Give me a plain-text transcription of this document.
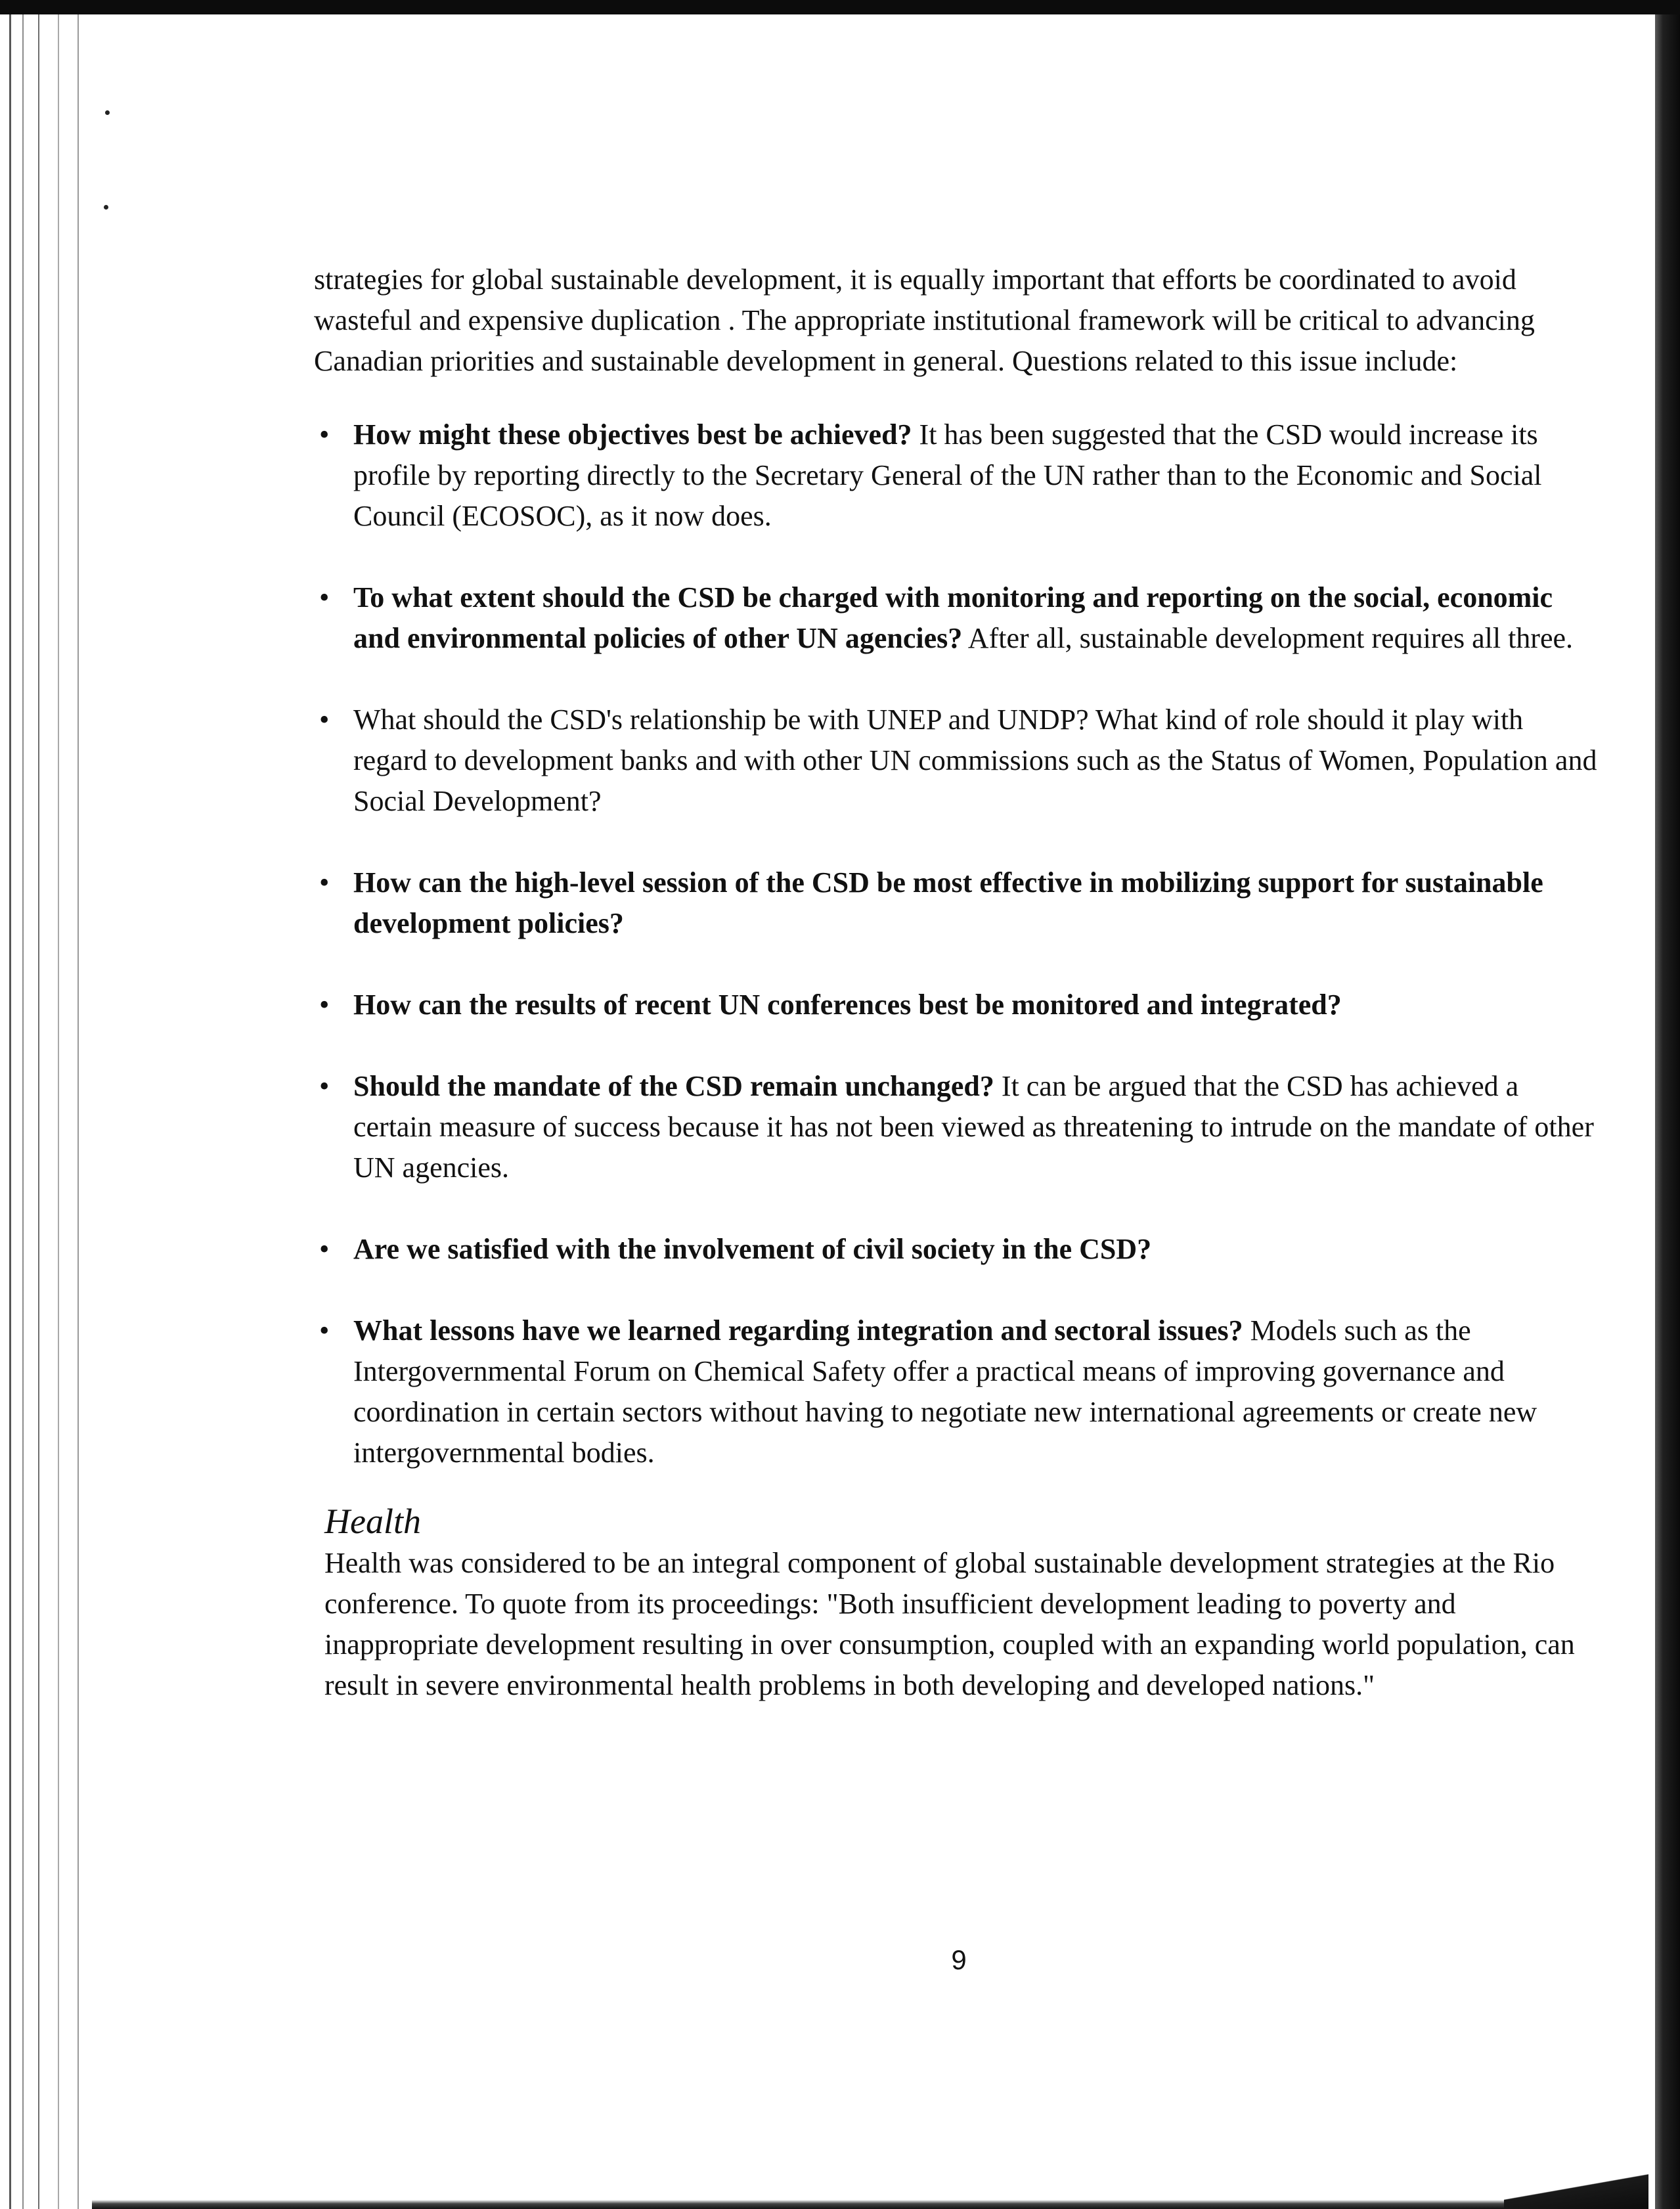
strategies for global sustainable development, it is equally important that efforts be coordinated to avoid wasteful and expensive duplication . The appropriate institutional framework will be critical to advancing Canadian priorities and sustainable development in general. Questions related to this issue include:

• How might these objectives best be achieved? It has been suggested that the CSD would increase its profile by reporting directly to the Secretary General of the UN rather than to the Economic and Social Council (ECOSOC), as it now does.
• To what extent should the CSD be charged with monitoring and reporting on the social, economic and environmental policies of other UN agencies? After all, sustainable development requires all three.
• What should the CSD's relationship be with UNEP and UNDP? What kind of role should it play with regard to development banks and with other UN commissions such as the Status of Women, Population and Social Development?
• How can the high-level session of the CSD be most effective in mobilizing support for sustainable development policies?
• How can the results of recent UN conferences best be monitored and integrated?
• Should the mandate of the CSD remain unchanged? It can be argued that the CSD has achieved a certain measure of success because it has not been viewed as threatening to intrude on the mandate of other UN agencies.
• Are we satisfied with the involvement of civil society in the CSD?
• What lessons have we learned regarding integration and sectoral issues? Models such as the Intergovernmental Forum on Chemical Safety offer a practical means of improving governance and coordination in certain sectors without having to negotiate new international agreements or create new intergovernmental bodies.
Health

Health was considered to be an integral component of global sustainable development strategies at the Rio conference. To quote from its proceedings: "Both insufficient development leading to poverty and inappropriate development resulting in over consumption, coupled with an expanding world population, can result in severe environmental health problems in both developing and developed nations."

9
